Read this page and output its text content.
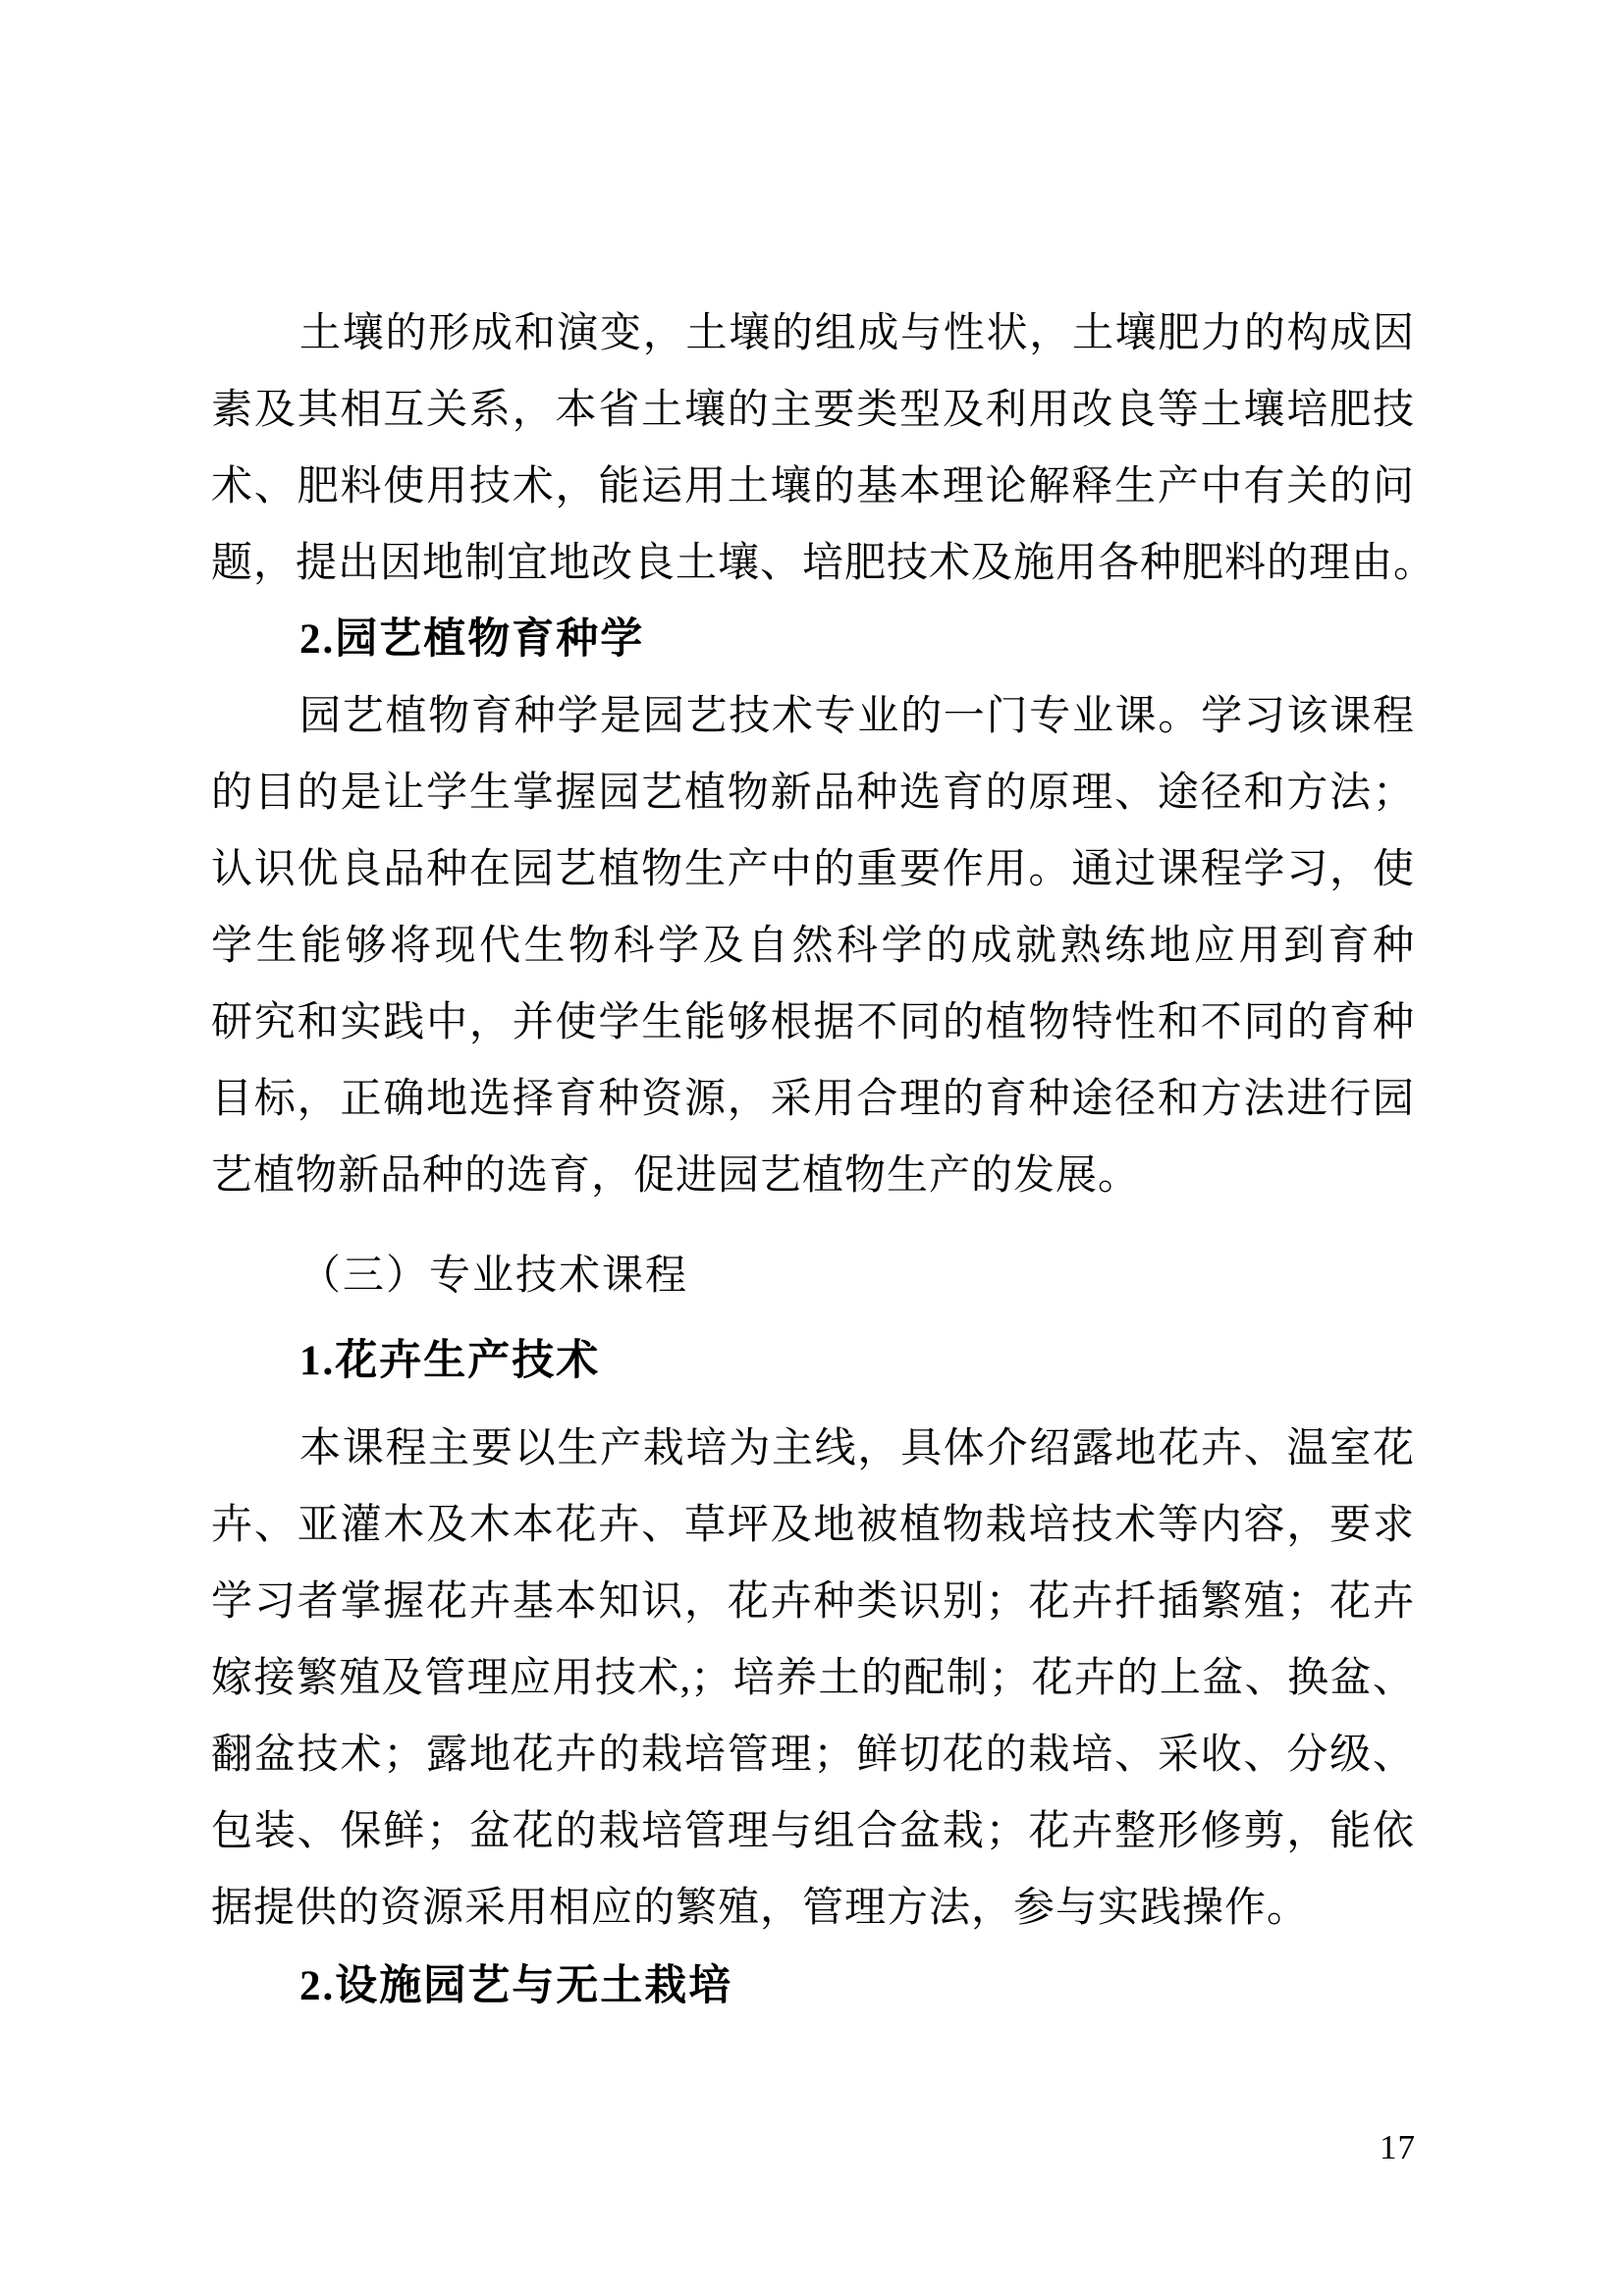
土壤的形成和演变，土壤的组成与性状，土壤肥力的构成因
素及其相互关系，本省土壤的主要类型及利用改良等土壤培肥技
术、肥料使用技术，能运用土壤的基本理论解释生产中有关的问
题，提出因地制宜地改良土壤、培肥技术及施用各种肥料的理由。
2.园艺植物育种学
园艺植物育种学是园艺技术专业的一门专业课。学习该课程
的目的是让学生掌握园艺植物新品种选育的原理、途径和方法；
认识优良品种在园艺植物生产中的重要作用。通过课程学习，使
学生能够将现代生物科学及自然科学的成就熟练地应用到育种
研究和实践中，并使学生能够根据不同的植物特性和不同的育种
目标，正确地选择育种资源，采用合理的育种途径和方法进行园
艺植物新品种的选育，促进园艺植物生产的发展。
（三）专业技术课程
1.花卉生产技术
本课程主要以生产栽培为主线，具体介绍露地花卉、温室花
卉、亚灌木及木本花卉、草坪及地被植物栽培技术等内容，要求
学习者掌握花卉基本知识，花卉种类识别；花卉扦插繁殖；花卉
嫁接繁殖及管理应用技术,；培养土的配制；花卉的上盆、换盆、
翻盆技术；露地花卉的栽培管理；鲜切花的栽培、采收、分级、
包装、保鲜；盆花的栽培管理与组合盆栽；花卉整形修剪，能依
据提供的资源采用相应的繁殖，管理方法，参与实践操作。
2.设施园艺与无土栽培
17
